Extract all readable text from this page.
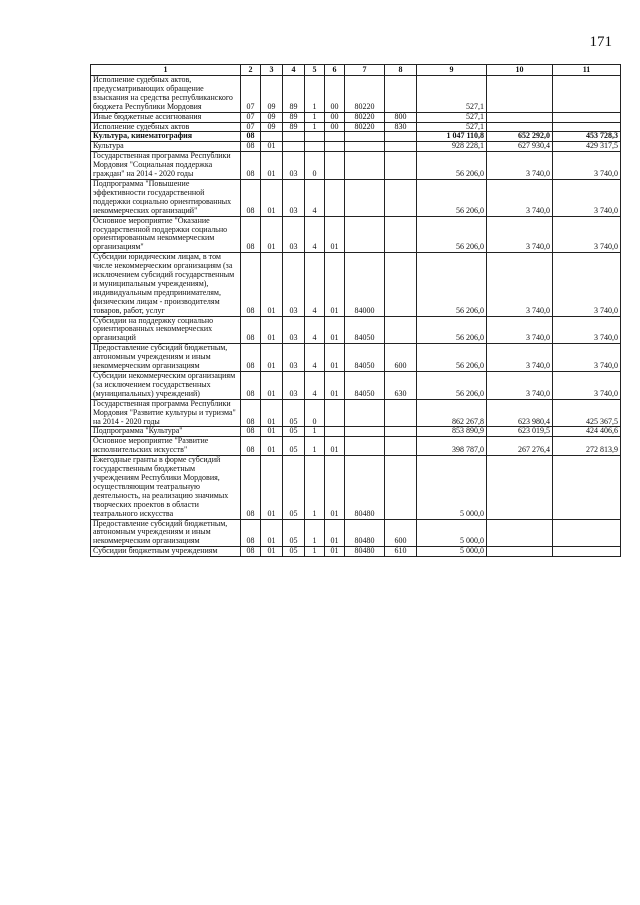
171
1	2	3	4	5	6	7	8	9	10	11
Исполнение судебных актов, предусматривающих обращение взыскания на средства республиканского бюджета Республики Мордовия	07	09	89	1	00	80220		527,1		
Иные бюджетные ассигнования	07	09	89	1	00	80220	800	527,1		
Исполнение судебных актов	07	09	89	1	00	80220	830	527,1		
Культура, кинематография	08							1 047 110,8	652 292,0	453 728,3
Культура	08	01						928 228,1	627 930,4	429 317,5
Государственная программа Республики Мордовия "Социальная поддержка граждан" на 2014 - 2020 годы	08	01	03	0				56 206,0	3 740,0	3 740,0
Подпрограмма "Повышение эффективности государственной поддержки социально ориентированных некоммерческих организаций"	08	01	03	4				56 206,0	3 740,0	3 740,0
Основное мероприятие "Оказание государственной поддержки социально ориентированным некоммерческим организациям"	08	01	03	4	01			56 206,0	3 740,0	3 740,0
Субсидии юридическим лицам, в том числе некоммерческим организациям (за исключением субсидий государственным и муниципальным учреждениям), индивидуальным предпринимателям, физическим лицам - производителям товаров, работ, услуг	08	01	03	4	01	84000		56 206,0	3 740,0	3 740,0
Субсидии на поддержку социально ориентированных некоммерческих организаций	08	01	03	4	01	84050		56 206,0	3 740,0	3 740,0
Предоставление субсидий бюджетным, автономным учреждениям и иным некоммерческим организациям	08	01	03	4	01	84050	600	56 206,0	3 740,0	3 740,0
Субсидии некоммерческим организациям (за исключением государственных (муниципальных) учреждений)	08	01	03	4	01	84050	630	56 206,0	3 740,0	3 740,0
Государственная программа Республики Мордовия "Развитие культуры и туризма" на 2014 - 2020 годы	08	01	05	0				862 267,8	623 980,4	425 367,5
Подпрограмма "Культура"	08	01	05	1				853 890,9	623 019,5	424 406,6
Основное мероприятие "Развитие исполнительских искусств"	08	01	05	1	01			398 787,0	267 276,4	272 813,9
Ежегодные гранты в форме субсидий государственным бюджетным учреждениям Республики Мордовия, осуществляющим театральную деятельность, на реализацию значимых творческих проектов в области театрального искусства	08	01	05	1	01	80480		5 000,0		
Предоставление субсидий бюджетным, автономным учреждениям и иным некоммерческим организациям	08	01	05	1	01	80480	600	5 000,0		
Субсидии бюджетным учреждениям	08	01	05	1	01	80480	610	5 000,0		
